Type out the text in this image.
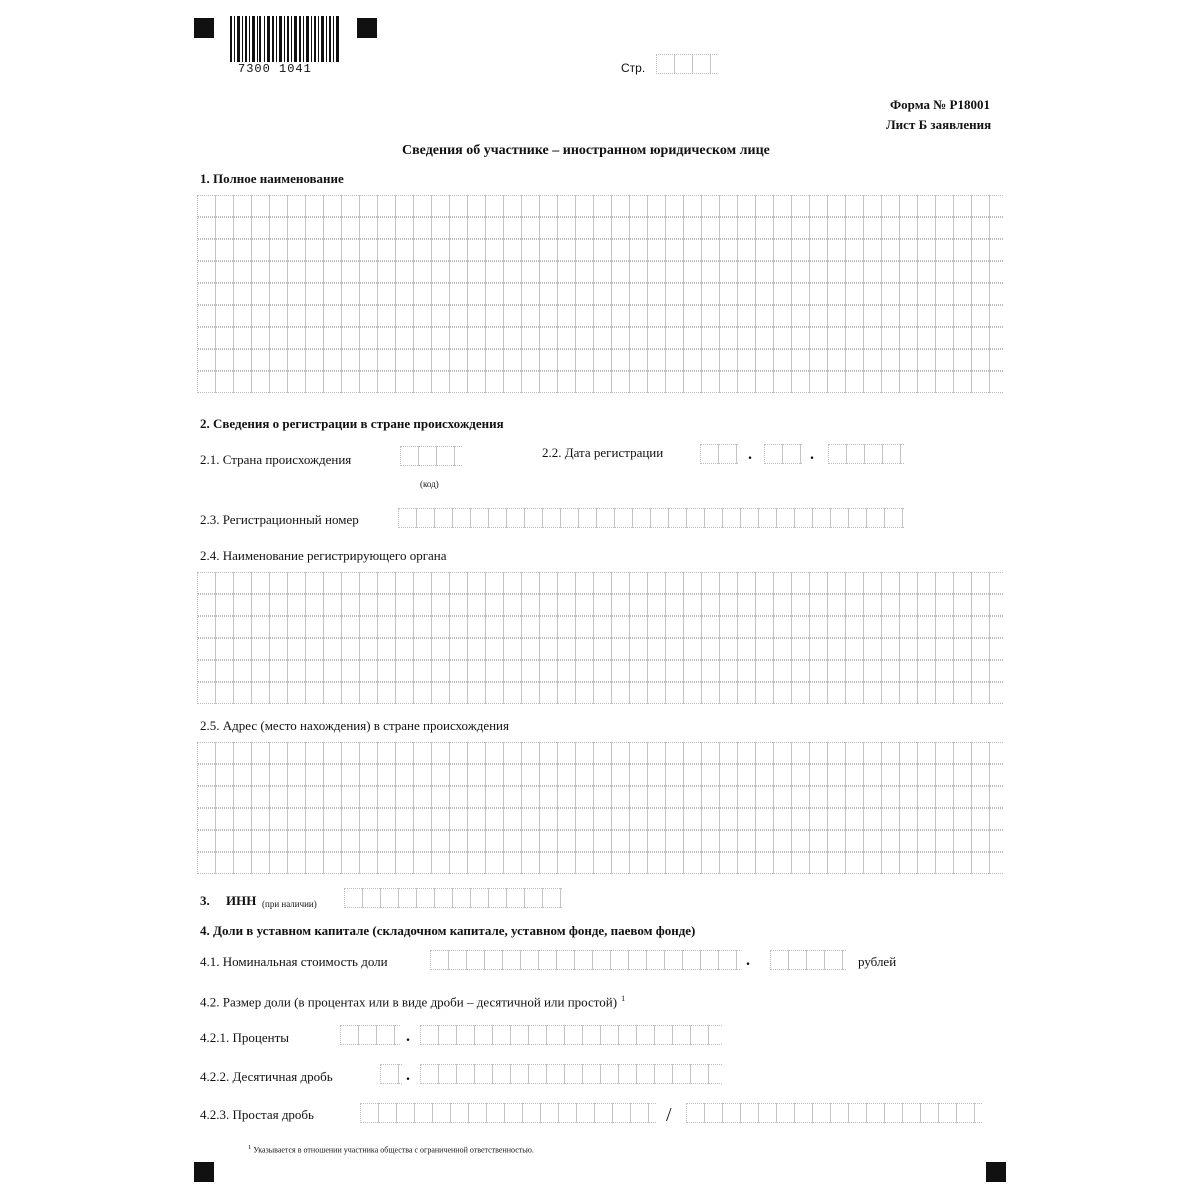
7300 1041	Стр.
Форма № Р18001
Лист Б заявления
Сведения об участнике – иностранном юридическом лице
1. Полное наименование
2. Сведения о регистрации в стране происхождения
2.1. Страна происхождения
(код)
2.2. Дата регистрации	.	.
2.3. Регистрационный номер
2.4. Наименование регистрирующего органа
2.5. Адрес (место нахождения) в стране происхождения
3. ИНН (при наличии)
4. Доли в уставном капитале (складочном капитале, уставном фонде, паевом фонде)
4.1. Номинальная стоимость доли	.	рублей
4.2. Размер доли (в процентах или в виде дроби – десятичной или простой) $^1$
4.2.1. Проценты	.
4.2.2. Десятичная дробь	.
4.2.3. Простая дробь	/
$^1$ Указывается в отношении участника общества с ограниченной ответственностью.
